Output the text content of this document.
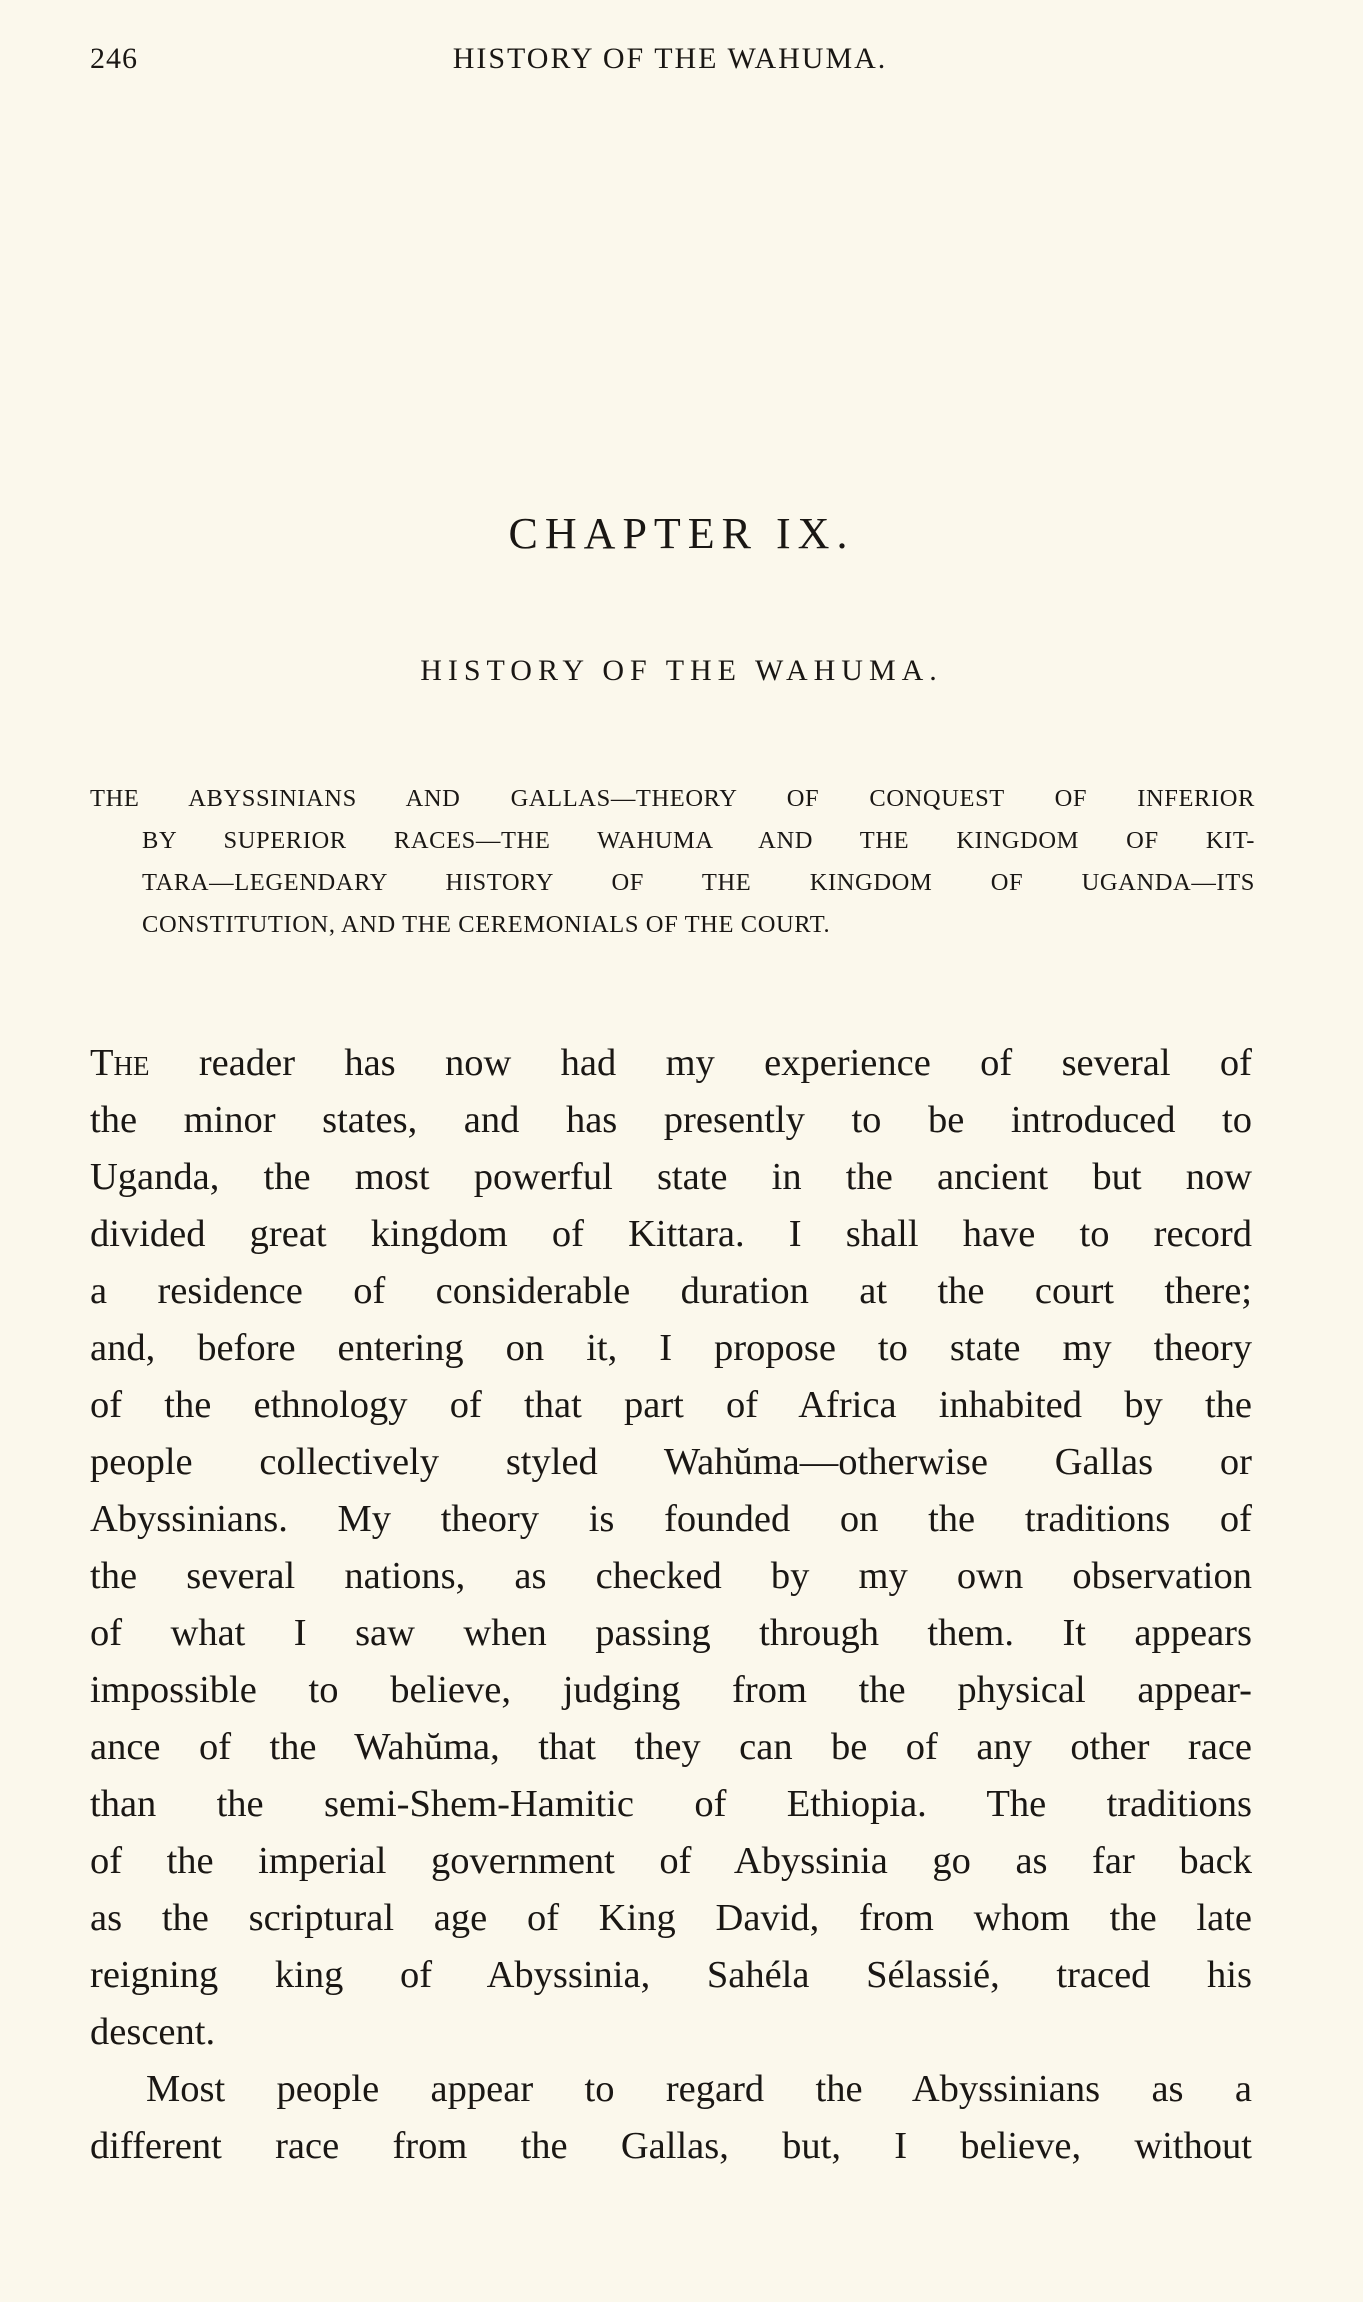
246	HISTORY OF THE WAHUMA.
CHAPTER IX.
HISTORY OF THE WAHUMA.
THE ABYSSINIANS AND GALLAS—THEORY OF CONQUEST OF INFERIOR
BY SUPERIOR RACES—THE WAHUMA AND THE KINGDOM OF KIT-
TARA—LEGENDARY HISTORY OF THE KINGDOM OF UGANDA—ITS
CONSTITUTION, AND THE CEREMONIALS OF THE COURT.
The reader has now had my experience of several of
the minor states, and has presently to be introduced to
Uganda, the most powerful state in the ancient but now
divided great kingdom of Kittara. I shall have to record
a residence of considerable duration at the court there;
and, before entering on it, I propose to state my theory
of the ethnology of that part of Africa inhabited by the
people collectively styled Wahŭma—otherwise Gallas or
Abyssinians. My theory is founded on the traditions of
the several nations, as checked by my own observation
of what I saw when passing through them. It appears
impossible to believe, judging from the physical appear-
ance of the Wahŭma, that they can be of any other race
than the semi-Shem-Hamitic of Ethiopia. The traditions
of the imperial government of Abyssinia go as far back
as the scriptural age of King David, from whom the late
reigning king of Abyssinia, Sahéla Sélassié, traced his
descent.
Most people appear to regard the Abyssinians as a
different race from the Gallas, but, I believe, without
